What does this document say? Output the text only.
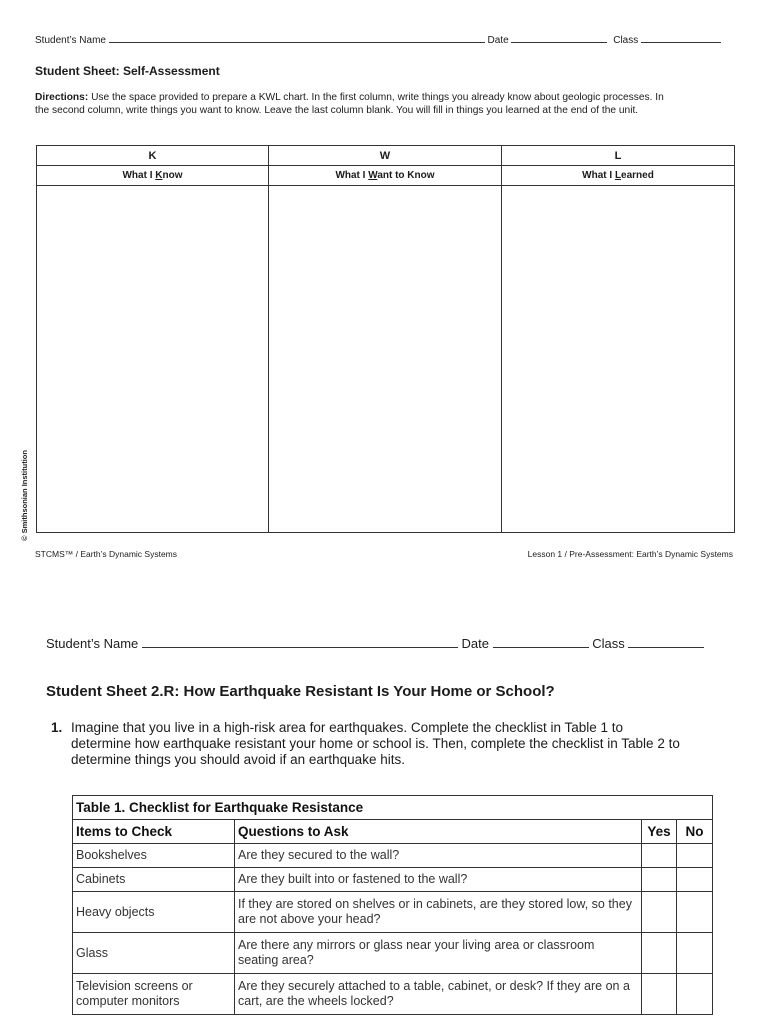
Student’s Name	Date	Class
Student Sheet: Self-Assessment
Directions: Use the space provided to prepare a KWL chart. In the first column, write things you already know about geologic processes. In the second column, write things you want to know. Leave the last column blank. You will fill in things you learned at the end of the unit.
K	W	L
What I Know	What I Want to Know	What I Learned

© Smithsonian Institution
STCMS™ / Earth’s Dynamic Systems	Lesson 1 / Pre-Assessment: Earth’s Dynamic Systems
Student’s Name	Date	Class
Student Sheet 2.R: How Earthquake Resistant Is Your Home or School?
1. Imagine that you live in a high-risk area for earthquakes. Complete the checklist in Table 1 to determine how earthquake resistant your home or school is. Then, complete the checklist in Table 2 to determine things you should avoid if an earthquake hits.
Table 1. Checklist for Earthquake Resistance			
Items to Check	Questions to Ask	Yes	No
Bookshelves	Are they secured to the wall?		
Cabinets	Are they built into or fastened to the wall?		
Heavy objects	If they are stored on shelves or in cabinets, are they stored low, so they are not above your head?		
Glass	Are there any mirrors or glass near your living area or classroom seating area?		
Television screens or computer monitors	Are they securely attached to a table, cabinet, or desk? If they are on a cart, are the wheels locked?		
